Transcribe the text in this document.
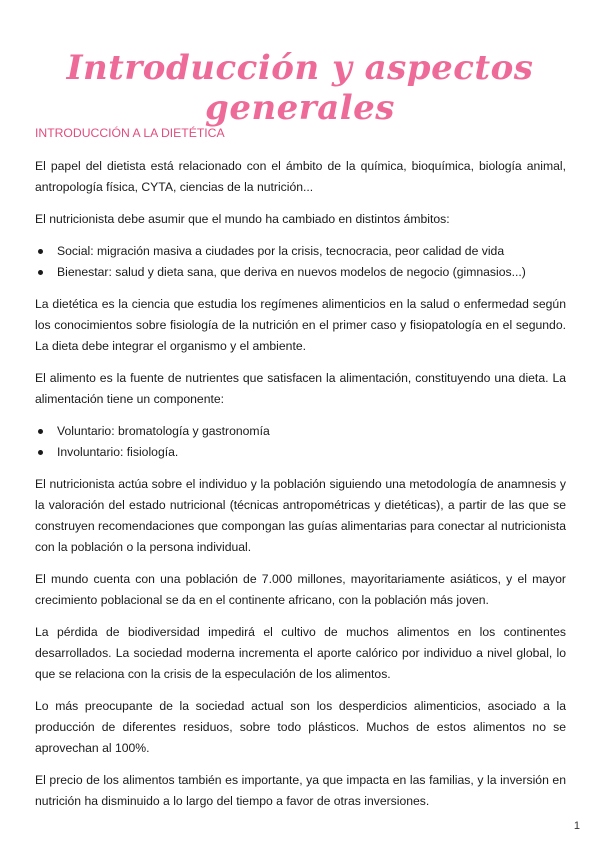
Introducción y aspectos generales
INTRODUCCIÓN A LA DIETÉTICA

El papel del dietista está relacionado con el ámbito de la química, bioquímica, biología animal, antropología física, CYTA, ciencias de la nutrición...

El nutricionista debe asumir que el mundo ha cambiado en distintos ámbitos:

Social: migración masiva a ciudades por la crisis, tecnocracia, peor calidad de vida
Bienestar: salud y dieta sana, que deriva en nuevos modelos de negocio (gimnasios...)

La dietética es la ciencia que estudia los regímenes alimenticios en la salud o enfermedad según los conocimientos sobre fisiología de la nutrición en el primer caso y fisiopatología en el segundo. La dieta debe integrar el organismo y el ambiente.

El alimento es la fuente de nutrientes que satisfacen la alimentación, constituyendo una dieta. La alimentación tiene un componente:

Voluntario: bromatología y gastronomía
Involuntario: fisiología.

El nutricionista actúa sobre el individuo y la población siguiendo una metodología de anamnesis y la valoración del estado nutricional (técnicas antropométricas y dietéticas), a partir de las que se construyen recomendaciones que compongan las guías alimentarias para conectar al nutricionista con la población o la persona individual.

El mundo cuenta con una población de 7.000 millones, mayoritariamente asiáticos, y el mayor crecimiento poblacional se da en el continente africano, con la población más joven.

La pérdida de biodiversidad impedirá el cultivo de muchos alimentos en los continentes desarrollados. La sociedad moderna incrementa el aporte calórico por individuo a nivel global, lo que se relaciona con la crisis de la especulación de los alimentos.

Lo más preocupante de la sociedad actual son los desperdicios alimenticios, asociado a la producción de diferentes residuos, sobre todo plásticos. Muchos de estos alimentos no se aprovechan al 100%.

El precio de los alimentos también es importante, ya que impacta en las familias, y la inversión en nutrición ha disminuido a lo largo del tiempo a favor de otras inversiones.

1
